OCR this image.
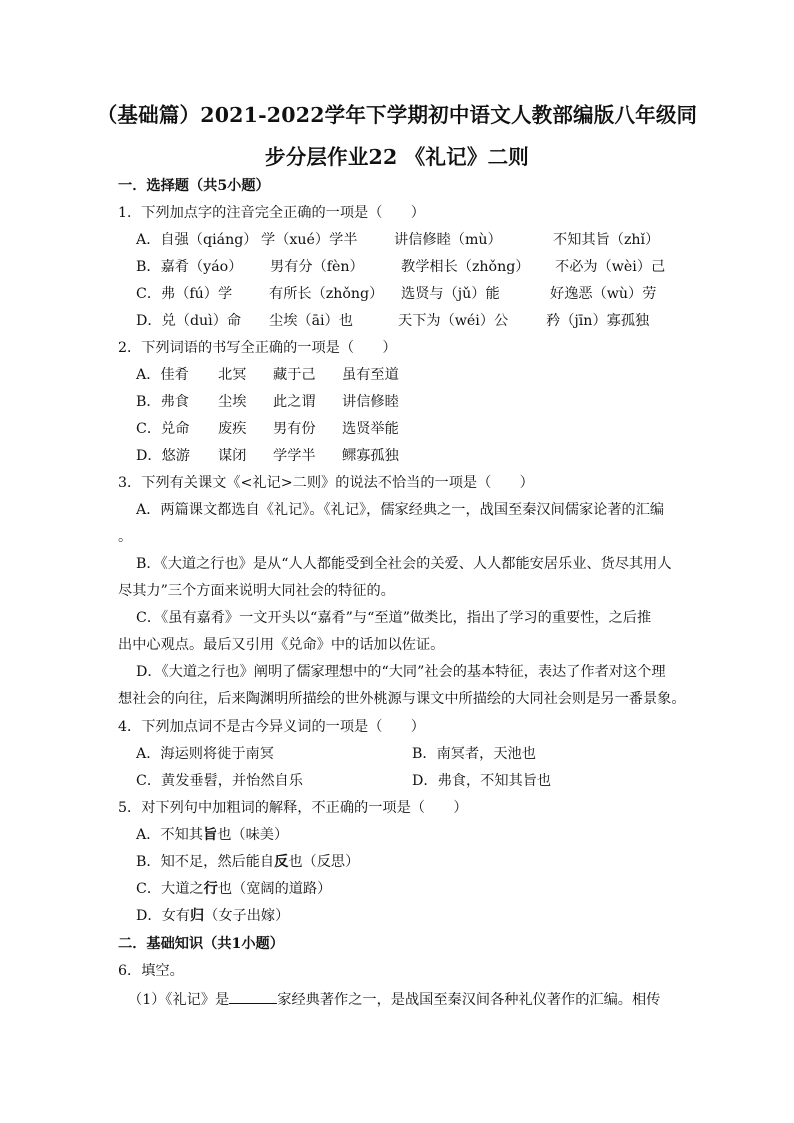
（基础篇）2021-2022学年下学期初中语文人教部编版八年级同
步分层作业22 《礼记》二则
一．选择题（共5小题）
1．下列加点字的注音完全正确的一项是（　　）
A．自强（qiáng） 学（xué）学半	讲信修睦（mù）	不知其旨（zhǐ）
B．嘉肴（yáo） 男有分（fèn）	教学相长（zhǒng） 不必为（wèi）己
C．弗（fú）学	有所长（zhǒng） 选贤与（jǔ）能	好逸恶（wù）劳
D．兑（duì）命 尘埃（āi）也	天下为（wéi）公	矜（jīn）寡孤独
2．下列词语的书写全正确的一项是（　　）
A．佳肴 北冥 藏于己 虽有至道
B．弗食 尘埃 此之谓 讲信修睦
C．兑命 废疾 男有份 选贤举能
D．悠游 谋闭 学学半 鳏寡孤独
3．下列有关课文《<礼记>二则》的说法不恰当的一项是（　　）
A．两篇课文都选自《礼记》。《礼记》，儒家经典之一，战国至秦汉间儒家论著的汇编
。
B．《大道之行也》是从“人人都能受到全社会的关爱、人人都能安居乐业、货尽其用人
尽其力”三个方面来说明大同社会的特征的。
C．《虽有嘉肴》一文开头以“嘉肴”与“至道”做类比，指出了学习的重要性，之后推
出中心观点。最后又引用《兑命》中的话加以佐证。
D．《大道之行也》阐明了儒家理想中的“大同”社会的基本特征，表达了作者对这个理
想社会的向往，后来陶渊明所描绘的世外桃源与课文中所描绘的大同社会则是另一番景象。
4．下列加点词不是古今异义词的一项是（　　）
A．海运则将徙于南冥	B．南冥者，天池也
C．黄发垂髫，并怡然自乐	D．弗食，不知其旨也
5．对下列句中加粗词的解释，不正确的一项是（　　）
A．不知其旨也（味美）
B．知不足，然后能自反也（反思）
C．大道之行也（宽阔的道路）
D．女有归（女子出嫁）
二．基础知识（共1小题）
6．填空。
（1）《礼记》是	家经典著作之一，是战国至秦汉间各种礼仪著作的汇编。相传
